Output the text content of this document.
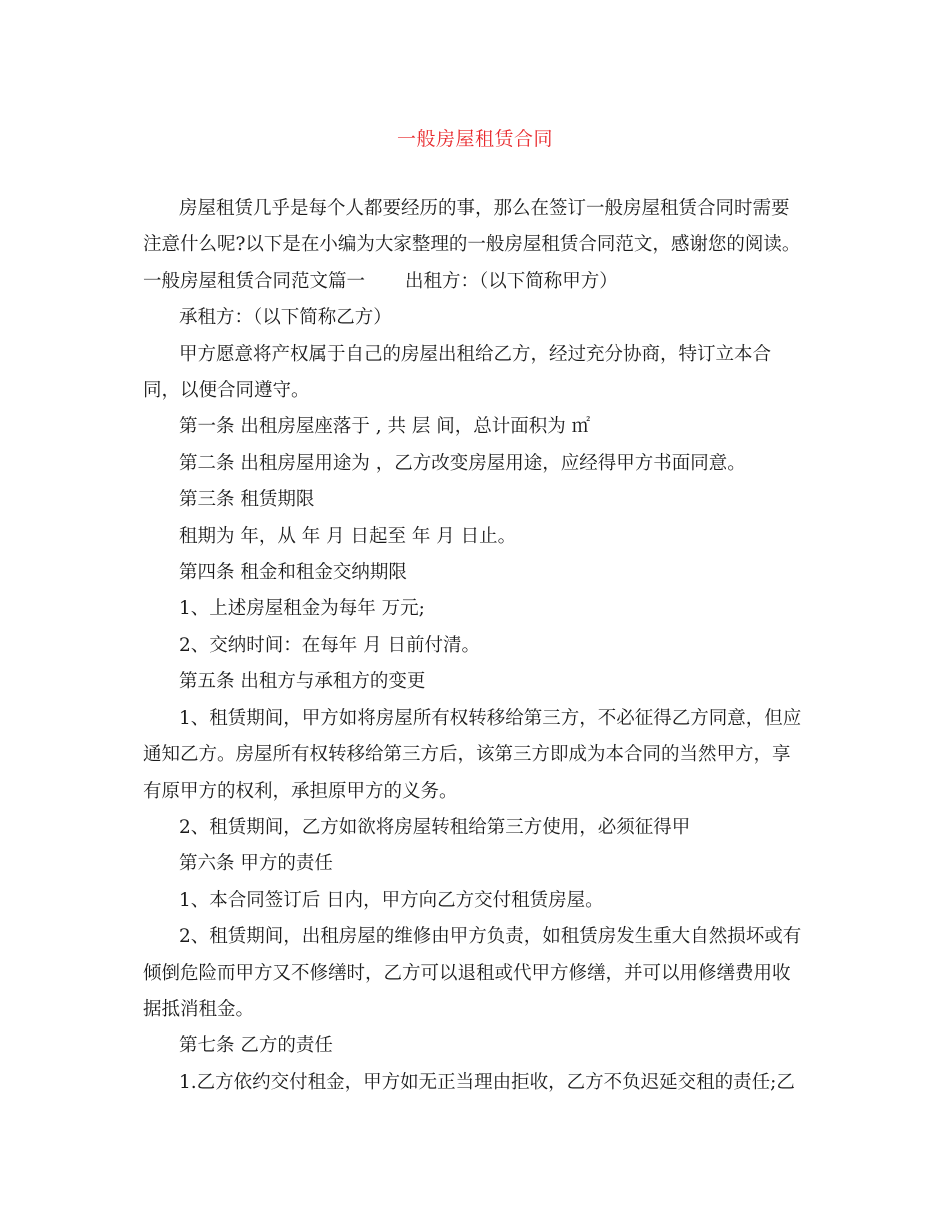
一般房屋租赁合同
房屋租赁几乎是每个人都要经历的事，那么在签订一般房屋租赁合同时需要
注意什么呢?以下是在小编为大家整理的一般房屋租赁合同范文，感谢您的阅读。
一般房屋租赁合同范文篇一 出租方：（以下简称甲方）
承租方：（以下简称乙方）
甲方愿意将产权属于自己的房屋出租给乙方，经过充分协商，特订立本合
同，以便合同遵守。
第一条 出租房屋座落于 , 共 层 间，总计面积为 ㎡
第二条 出租房屋用途为 ，乙方改变房屋用途，应经得甲方书面同意。
第三条 租赁期限
租期为 年，从 年 月 日起至 年 月 日止。
第四条 租金和租金交纳期限
1、上述房屋租金为每年 万元;
2、交纳时间：在每年 月 日前付清。
第五条 出租方与承租方的变更
1、租赁期间，甲方如将房屋所有权转移给第三方，不必征得乙方同意，但应
通知乙方。房屋所有权转移给第三方后，该第三方即成为本合同的当然甲方，享
有原甲方的权利，承担原甲方的义务。
2、租赁期间，乙方如欲将房屋转租给第三方使用，必须征得甲
第六条 甲方的责任
1、本合同签订后 日内，甲方向乙方交付租赁房屋。
2、租赁期间，出租房屋的维修由甲方负责，如租赁房发生重大自然损坏或有
倾倒危险而甲方又不修缮时，乙方可以退租或代甲方修缮，并可以用修缮费用收
据抵消租金。
第七条 乙方的责任
1.乙方依约交付租金，甲方如无正当理由拒收，乙方不负迟延交租的责任;乙
